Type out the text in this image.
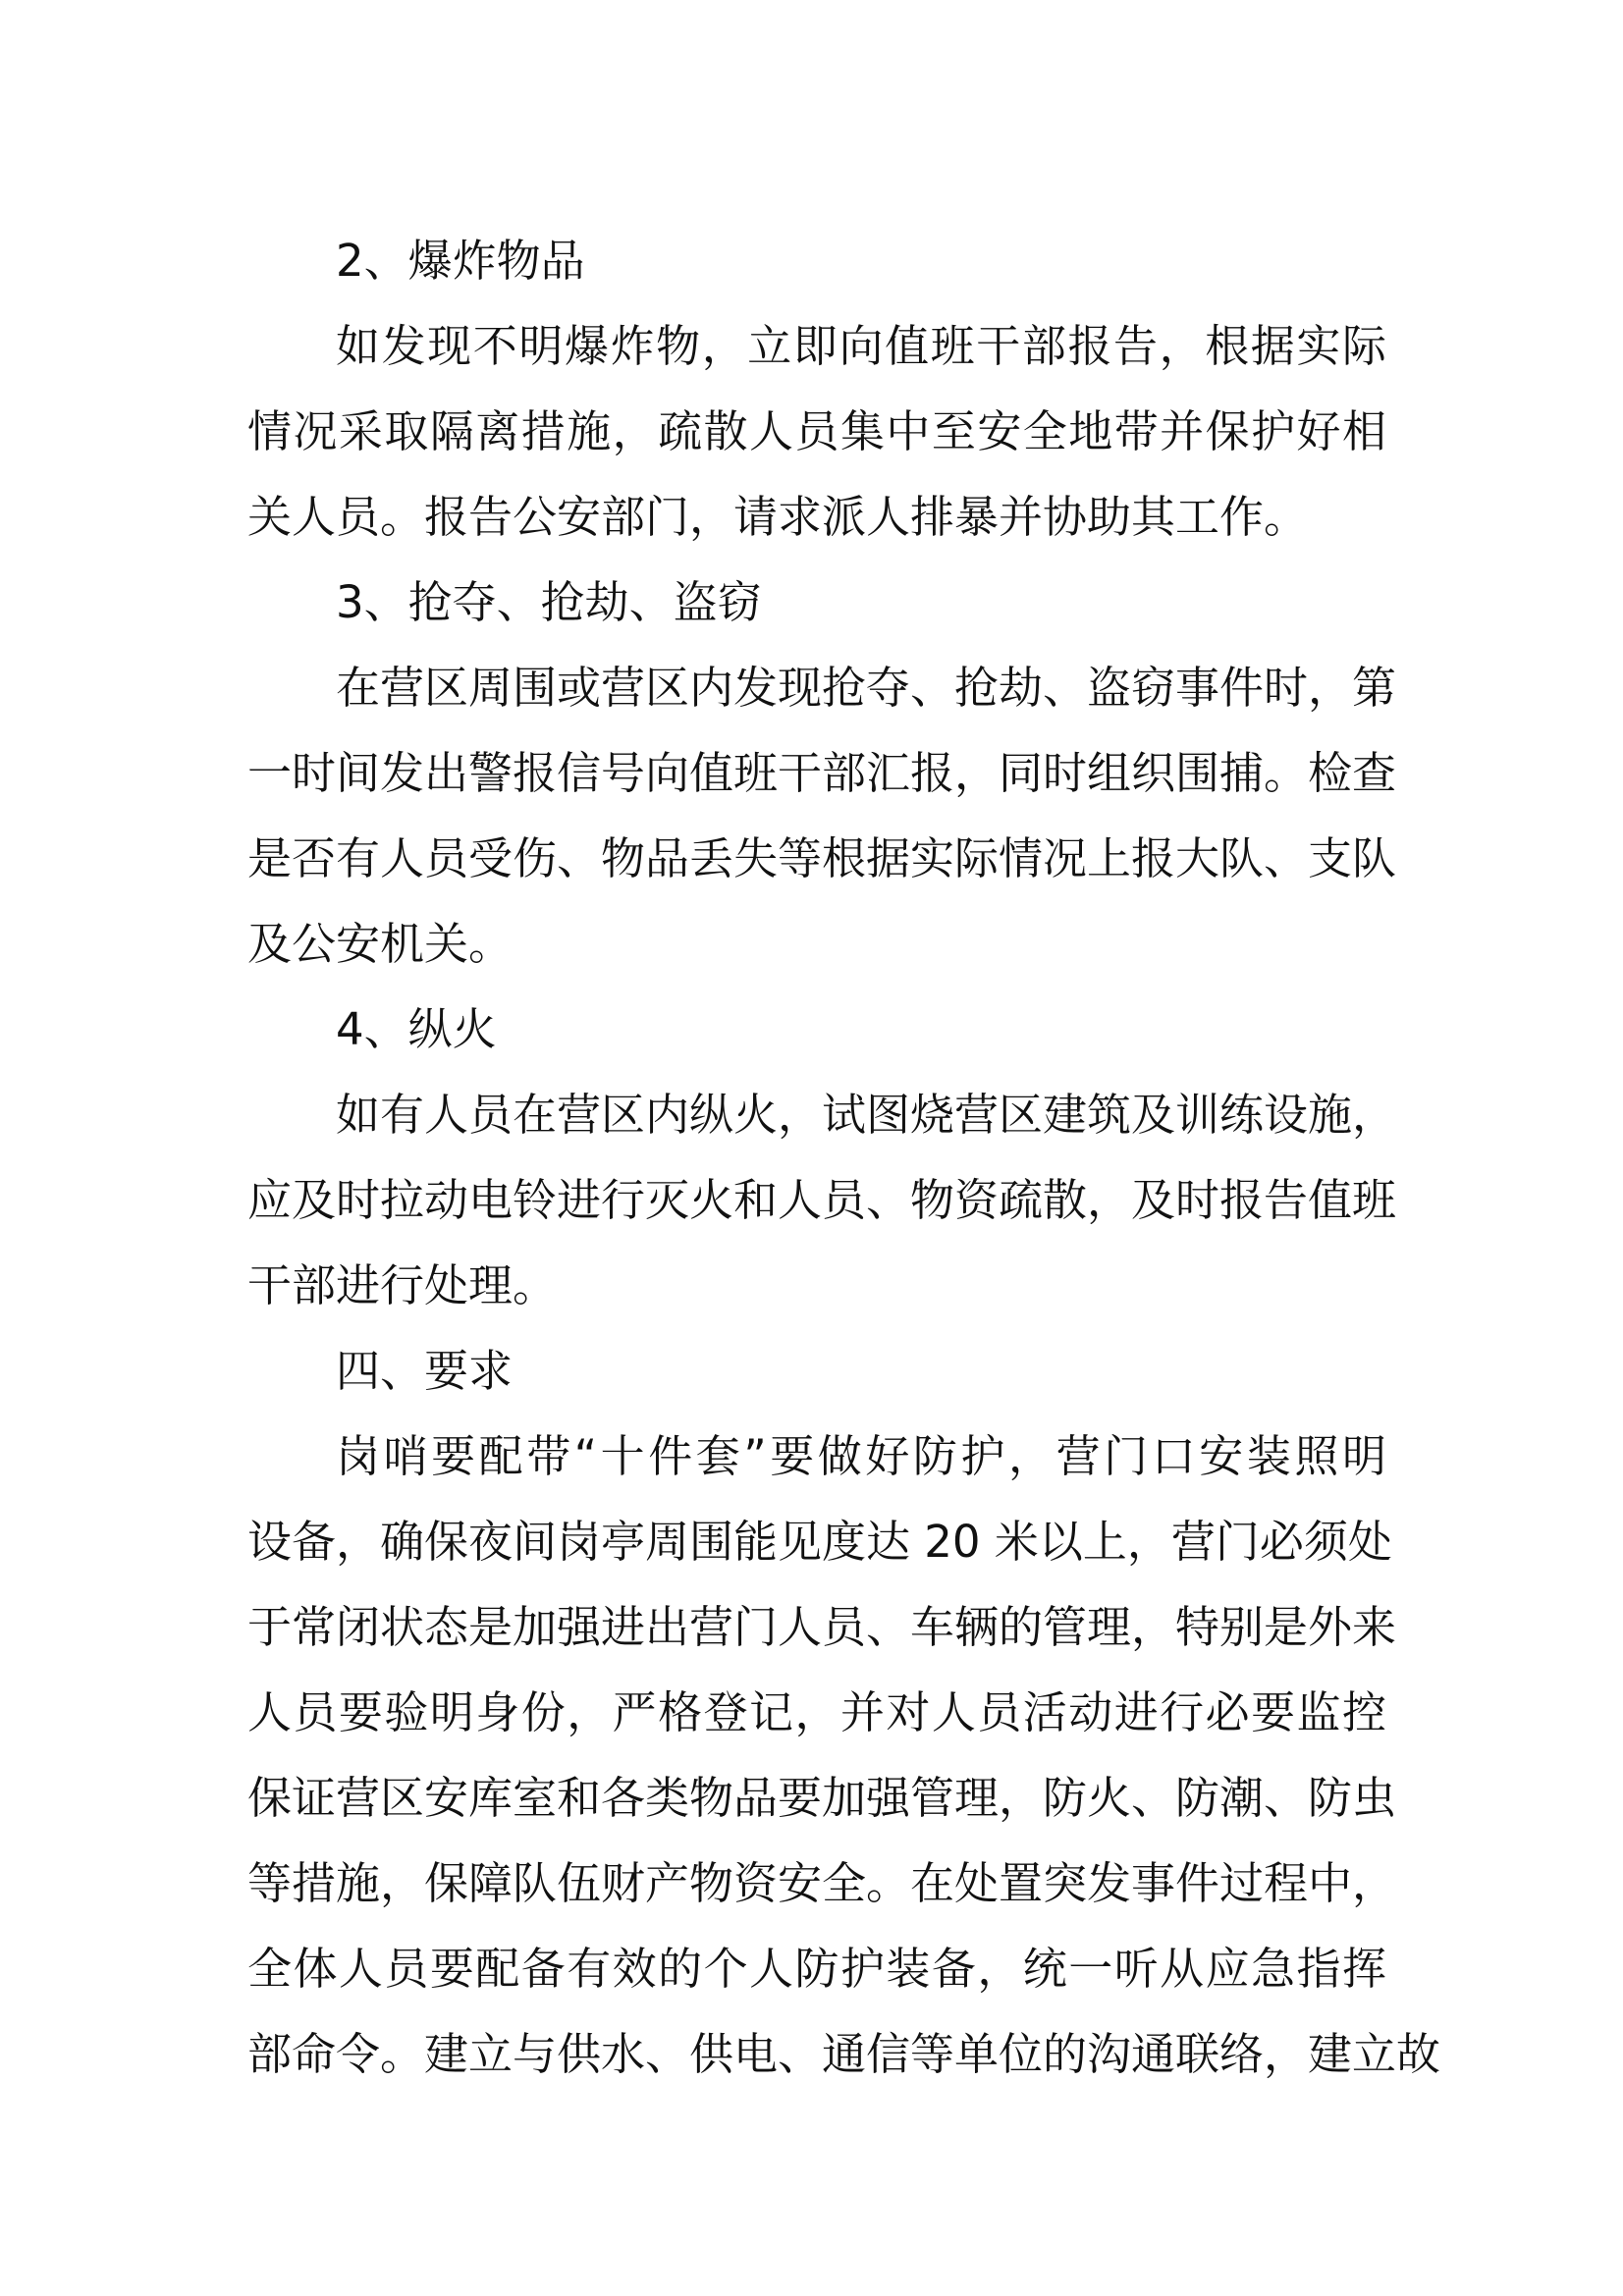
2、爆炸物品
如发现不明爆炸物，立即向值班干部报告，根据实际
情况采取隔离措施，疏散人员集中至安全地带并保护好相
关人员。报告公安部门，请求派人排暴并协助其工作。
3、抢夺、抢劫、盗窃
在营区周围或营区内发现抢夺、抢劫、盗窃事件时，第
一时间发出警报信号向值班干部汇报，同时组织围捕。检查
是否有人员受伤、物品丢失等根据实际情况上报大队、支队
及公安机关。
4、纵火
如有人员在营区内纵火，试图烧营区建筑及训练设施，
应及时拉动电铃进行灭火和人员、物资疏散，及时报告值班
干部进行处理。
四、要求
岗哨要配带“十件套”要做好防护，营门口安装照明
设备，确保夜间岗亭周围能见度达 20 米以上，营门必须处
于常闭状态是加强进出营门人员、车辆的管理，特别是外来
人员要验明身份，严格登记，并对人员活动进行必要监控
保证营区安库室和各类物品要加强管理，防火、防潮、防虫
等措施，保障队伍财产物资安全。在处置突发事件过程中，
全体人员要配备有效的个人防护装备，统一听从应急指挥
部命令。建立与供水、供电、通信等单位的沟通联络，建立故
